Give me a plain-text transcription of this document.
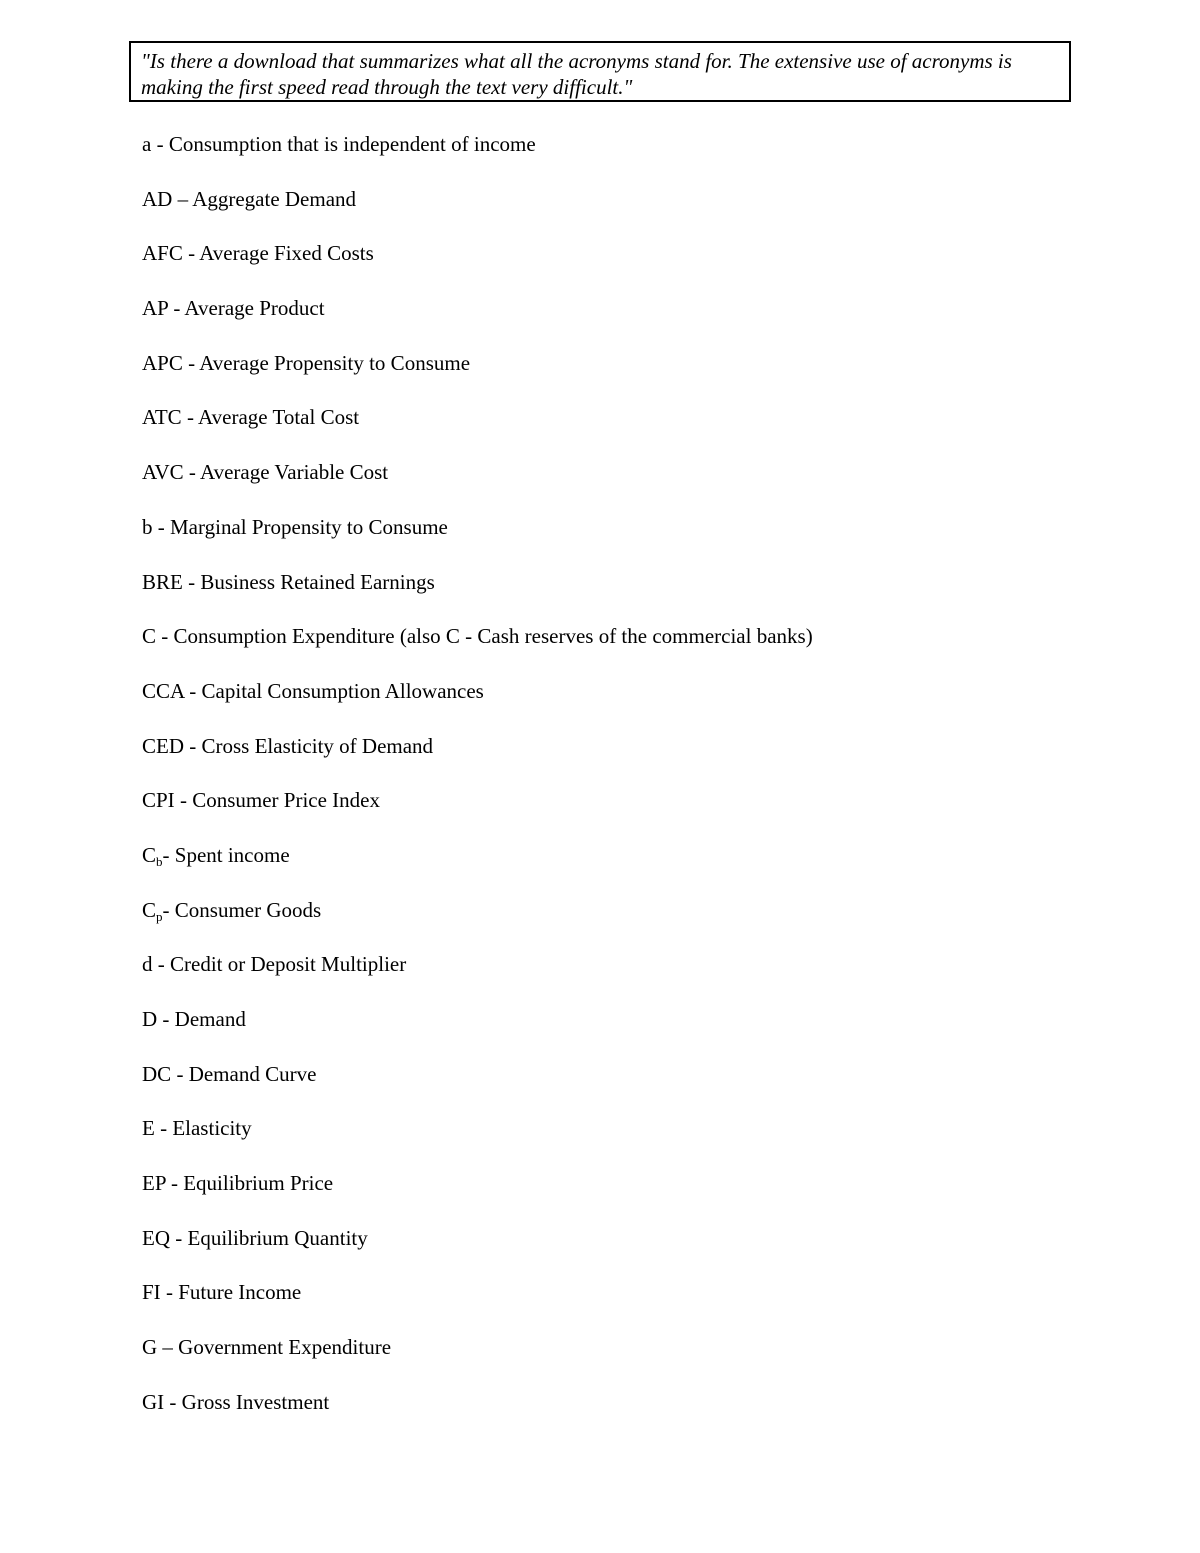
"Is there a download that summarizes what all the acronyms stand for. The extensive use of acronyms is making the first speed read through the text very difficult."
a - Consumption that is independent of income
AD – Aggregate Demand
AFC - Average Fixed Costs
AP - Average Product
APC - Average Propensity to Consume
ATC - Average Total Cost
AVC - Average Variable Cost
b - Marginal Propensity to Consume
BRE - Business Retained Earnings
C - Consumption Expenditure (also C - Cash reserves of the commercial banks)
CCA - Capital Consumption Allowances
CED - Cross Elasticity of Demand
CPI - Consumer Price Index
$C_b-$ Spent income
$C_p-$ Consumer Goods
d - Credit or Deposit Multiplier
D - Demand
DC - Demand Curve
E - Elasticity
EP - Equilibrium Price
EQ - Equilibrium Quantity
FI - Future Income
G – Government Expenditure
GI - Gross Investment
